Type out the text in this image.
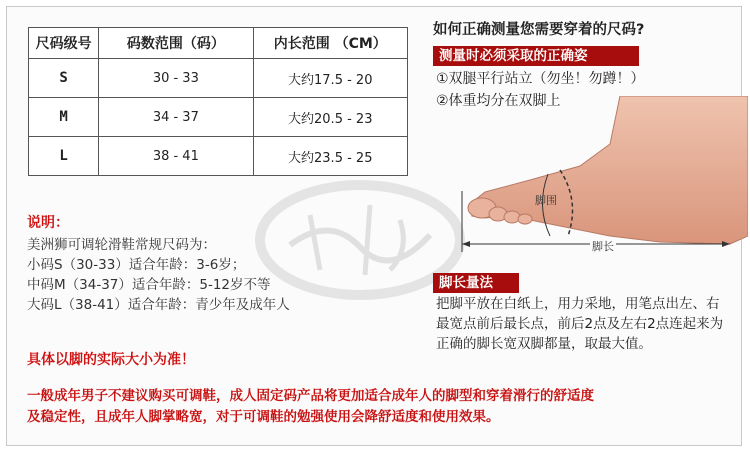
尺码级号	码数范围（码）	内长范围 （CM）
S	30 - 33	大约17.5 - 20
M	34 - 37	大约20.5 - 23
L	38 - 41	大约23.5 - 25
说明：
美洲狮可调轮滑鞋常规尺码为：
小码S（30-33）适合年龄：3-6岁；
中码M（34-37）适合年龄：5-12岁不等
大码L（38-41）适合年龄：青少年及成年人
具体以脚的实际大小为准！
一般成年男子不建议购买可调鞋，成人固定码产品将更加适合成年人的脚型和穿着滑行的舒适度
及稳定性，且成年人脚掌略宽，对于可调鞋的勉强使用会降舒适度和使用效果。
如何正确测量您需要穿着的尺码?
测量时必须采取的正确姿
①双腿平行站立（勿坐！勿蹲！）
②体重均分在双脚上
脚围
脚长
脚长量法
把脚平放在白纸上，用力采地，用笔点出左、右最宽点前后最长点，前后2点及左右2点连起来为正确的脚长宽双脚都量，取最大值。
